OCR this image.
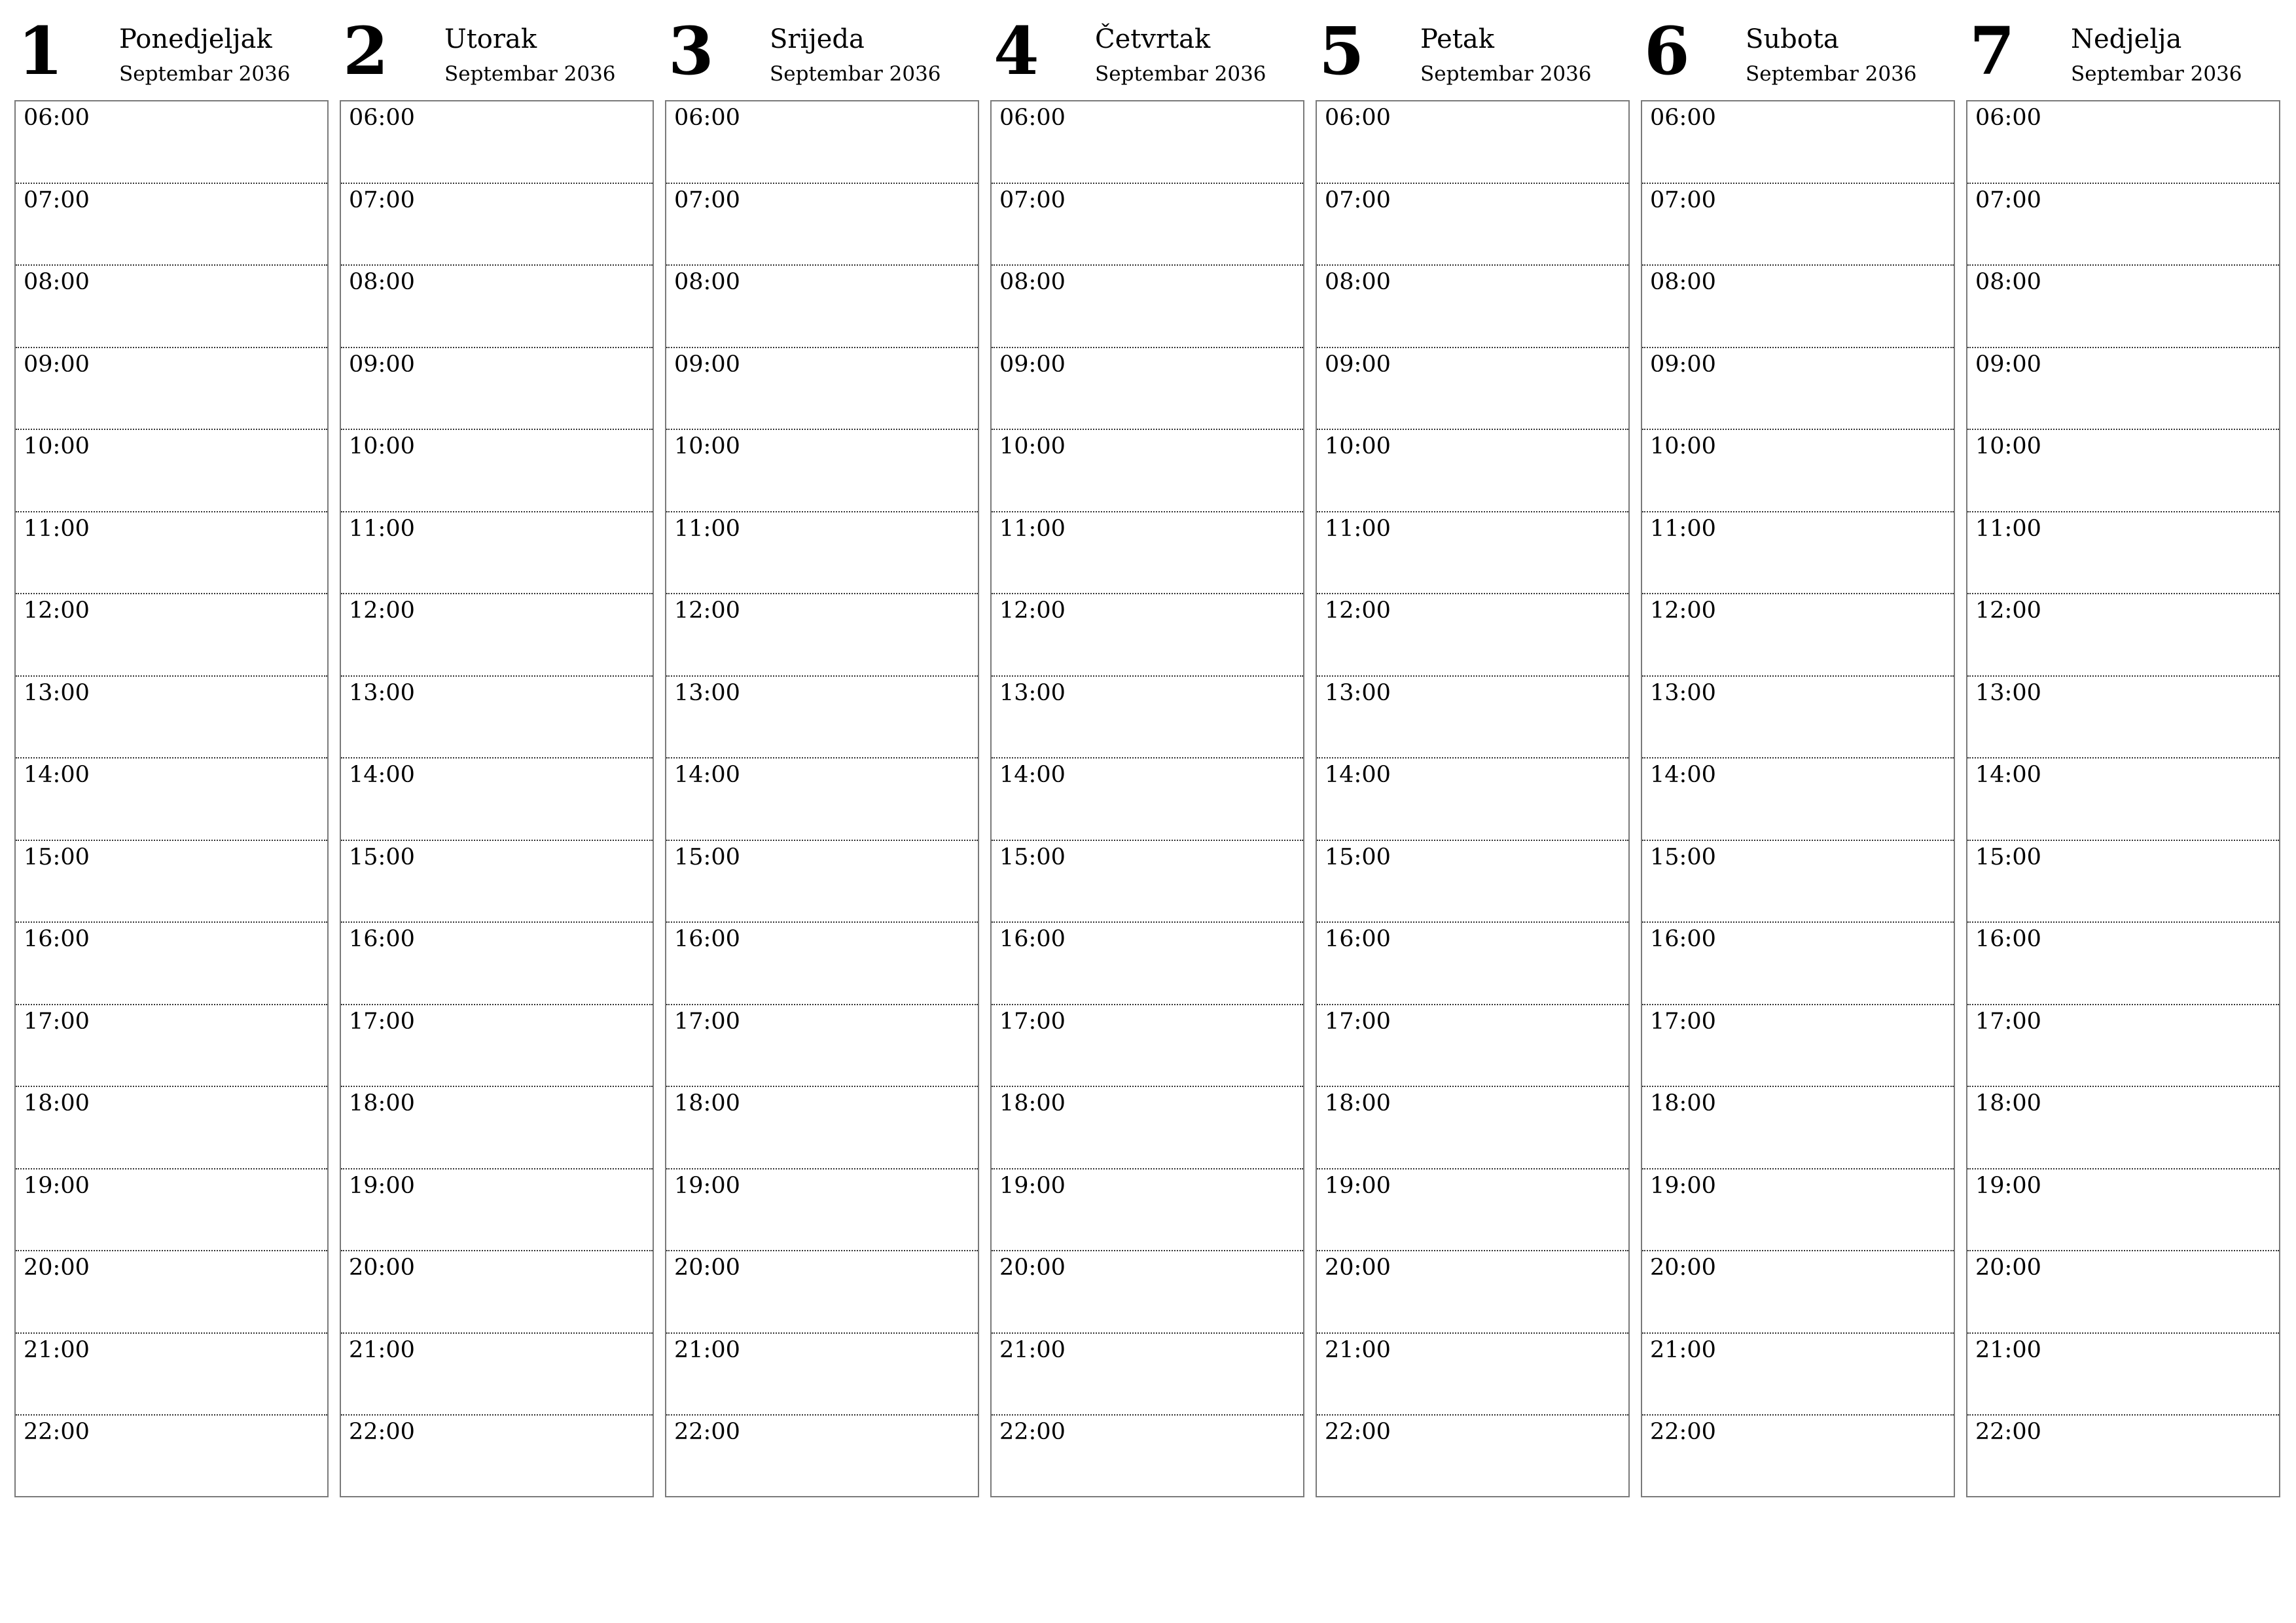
1 Ponedjeljak
Septembar 2036
06:00
07:00
08:00
09:00
10:00
11:00
12:00
13:00
14:00
15:00
16:00
17:00
18:00
19:00
20:00
21:00
22:00
2 Utorak
Septembar 2036
06:00
07:00
08:00
09:00
10:00
11:00
12:00
13:00
14:00
15:00
16:00
17:00
18:00
19:00
20:00
21:00
22:00
3 Srijeda
Septembar 2036
06:00
07:00
08:00
09:00
10:00
11:00
12:00
13:00
14:00
15:00
16:00
17:00
18:00
19:00
20:00
21:00
22:00
4 Četvrtak
Septembar 2036
06:00
07:00
08:00
09:00
10:00
11:00
12:00
13:00
14:00
15:00
16:00
17:00
18:00
19:00
20:00
21:00
22:00
5 Petak
Septembar 2036
06:00
07:00
08:00
09:00
10:00
11:00
12:00
13:00
14:00
15:00
16:00
17:00
18:00
19:00
20:00
21:00
22:00
6 Subota
Septembar 2036
06:00
07:00
08:00
09:00
10:00
11:00
12:00
13:00
14:00
15:00
16:00
17:00
18:00
19:00
20:00
21:00
22:00
7 Nedjelja
Septembar 2036
06:00
07:00
08:00
09:00
10:00
11:00
12:00
13:00
14:00
15:00
16:00
17:00
18:00
19:00
20:00
21:00
22:00
